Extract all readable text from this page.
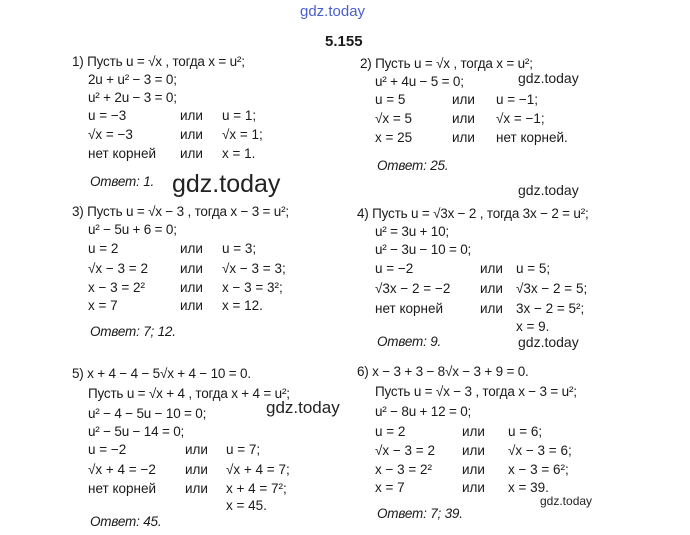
gdz.today
gdz.today
gdz.today
gdz.today
gdz.today
gdz.today
gdz.today
5.155
1) Пусть u = √x , тогда x = u²;
2u + u² − 3 = 0;
u² + 2u − 3 = 0;
u = −3	или u = 1;
√x = −3	или √x = 1;
нет корней или x = 1.
Ответ: 1.
2) Пусть u = √x , тогда x = u²;
u² + 4u − 5 = 0;
u = 5	или u = −1;
√x = 5	или √x = −1;
x = 25	или нет корней.
Ответ: 25.
3) Пусть u = √x − 3 , тогда x − 3 = u²;
u² − 5u + 6 = 0;
u = 2	или u = 3;
√x − 3 = 2 или √x − 3 = 3;
x − 3 = 2²	или x − 3 = 3²;
x = 7	или x = 12.
Ответ: 7; 12.
4) Пусть u = √3x − 2 , тогда 3x − 2 = u²;
u² = 3u + 10;
u² − 3u − 10 = 0;
u = −2	или u = 5;
√3x − 2 = −2 или √3x − 2 = 5;
нет корней	или 3x − 2 = 5²;
x = 9.
Ответ: 9.
5) x + 4 − 4 − 5√x + 4 − 10 = 0.
Пусть u = √x + 4 , тогда x + 4 = u²;
u² − 4 − 5u − 10 = 0;
u² − 5u − 14 = 0;
u = −2	или u = 7;
√x + 4 = −2 или √x + 4 = 7;
нет корней или x + 4 = 7²;
x = 45.
Ответ: 45.
6) x − 3 + 3 − 8√x − 3 + 9 = 0.
Пусть u = √x − 3 , тогда x − 3 = u²;
u² − 8u + 12 = 0;
u = 2	или u = 6;
√x − 3 = 2 или √x − 3 = 6;
x − 3 = 2² или x − 3 = 6²;
x = 7	или x = 39.
Ответ: 7; 39.
